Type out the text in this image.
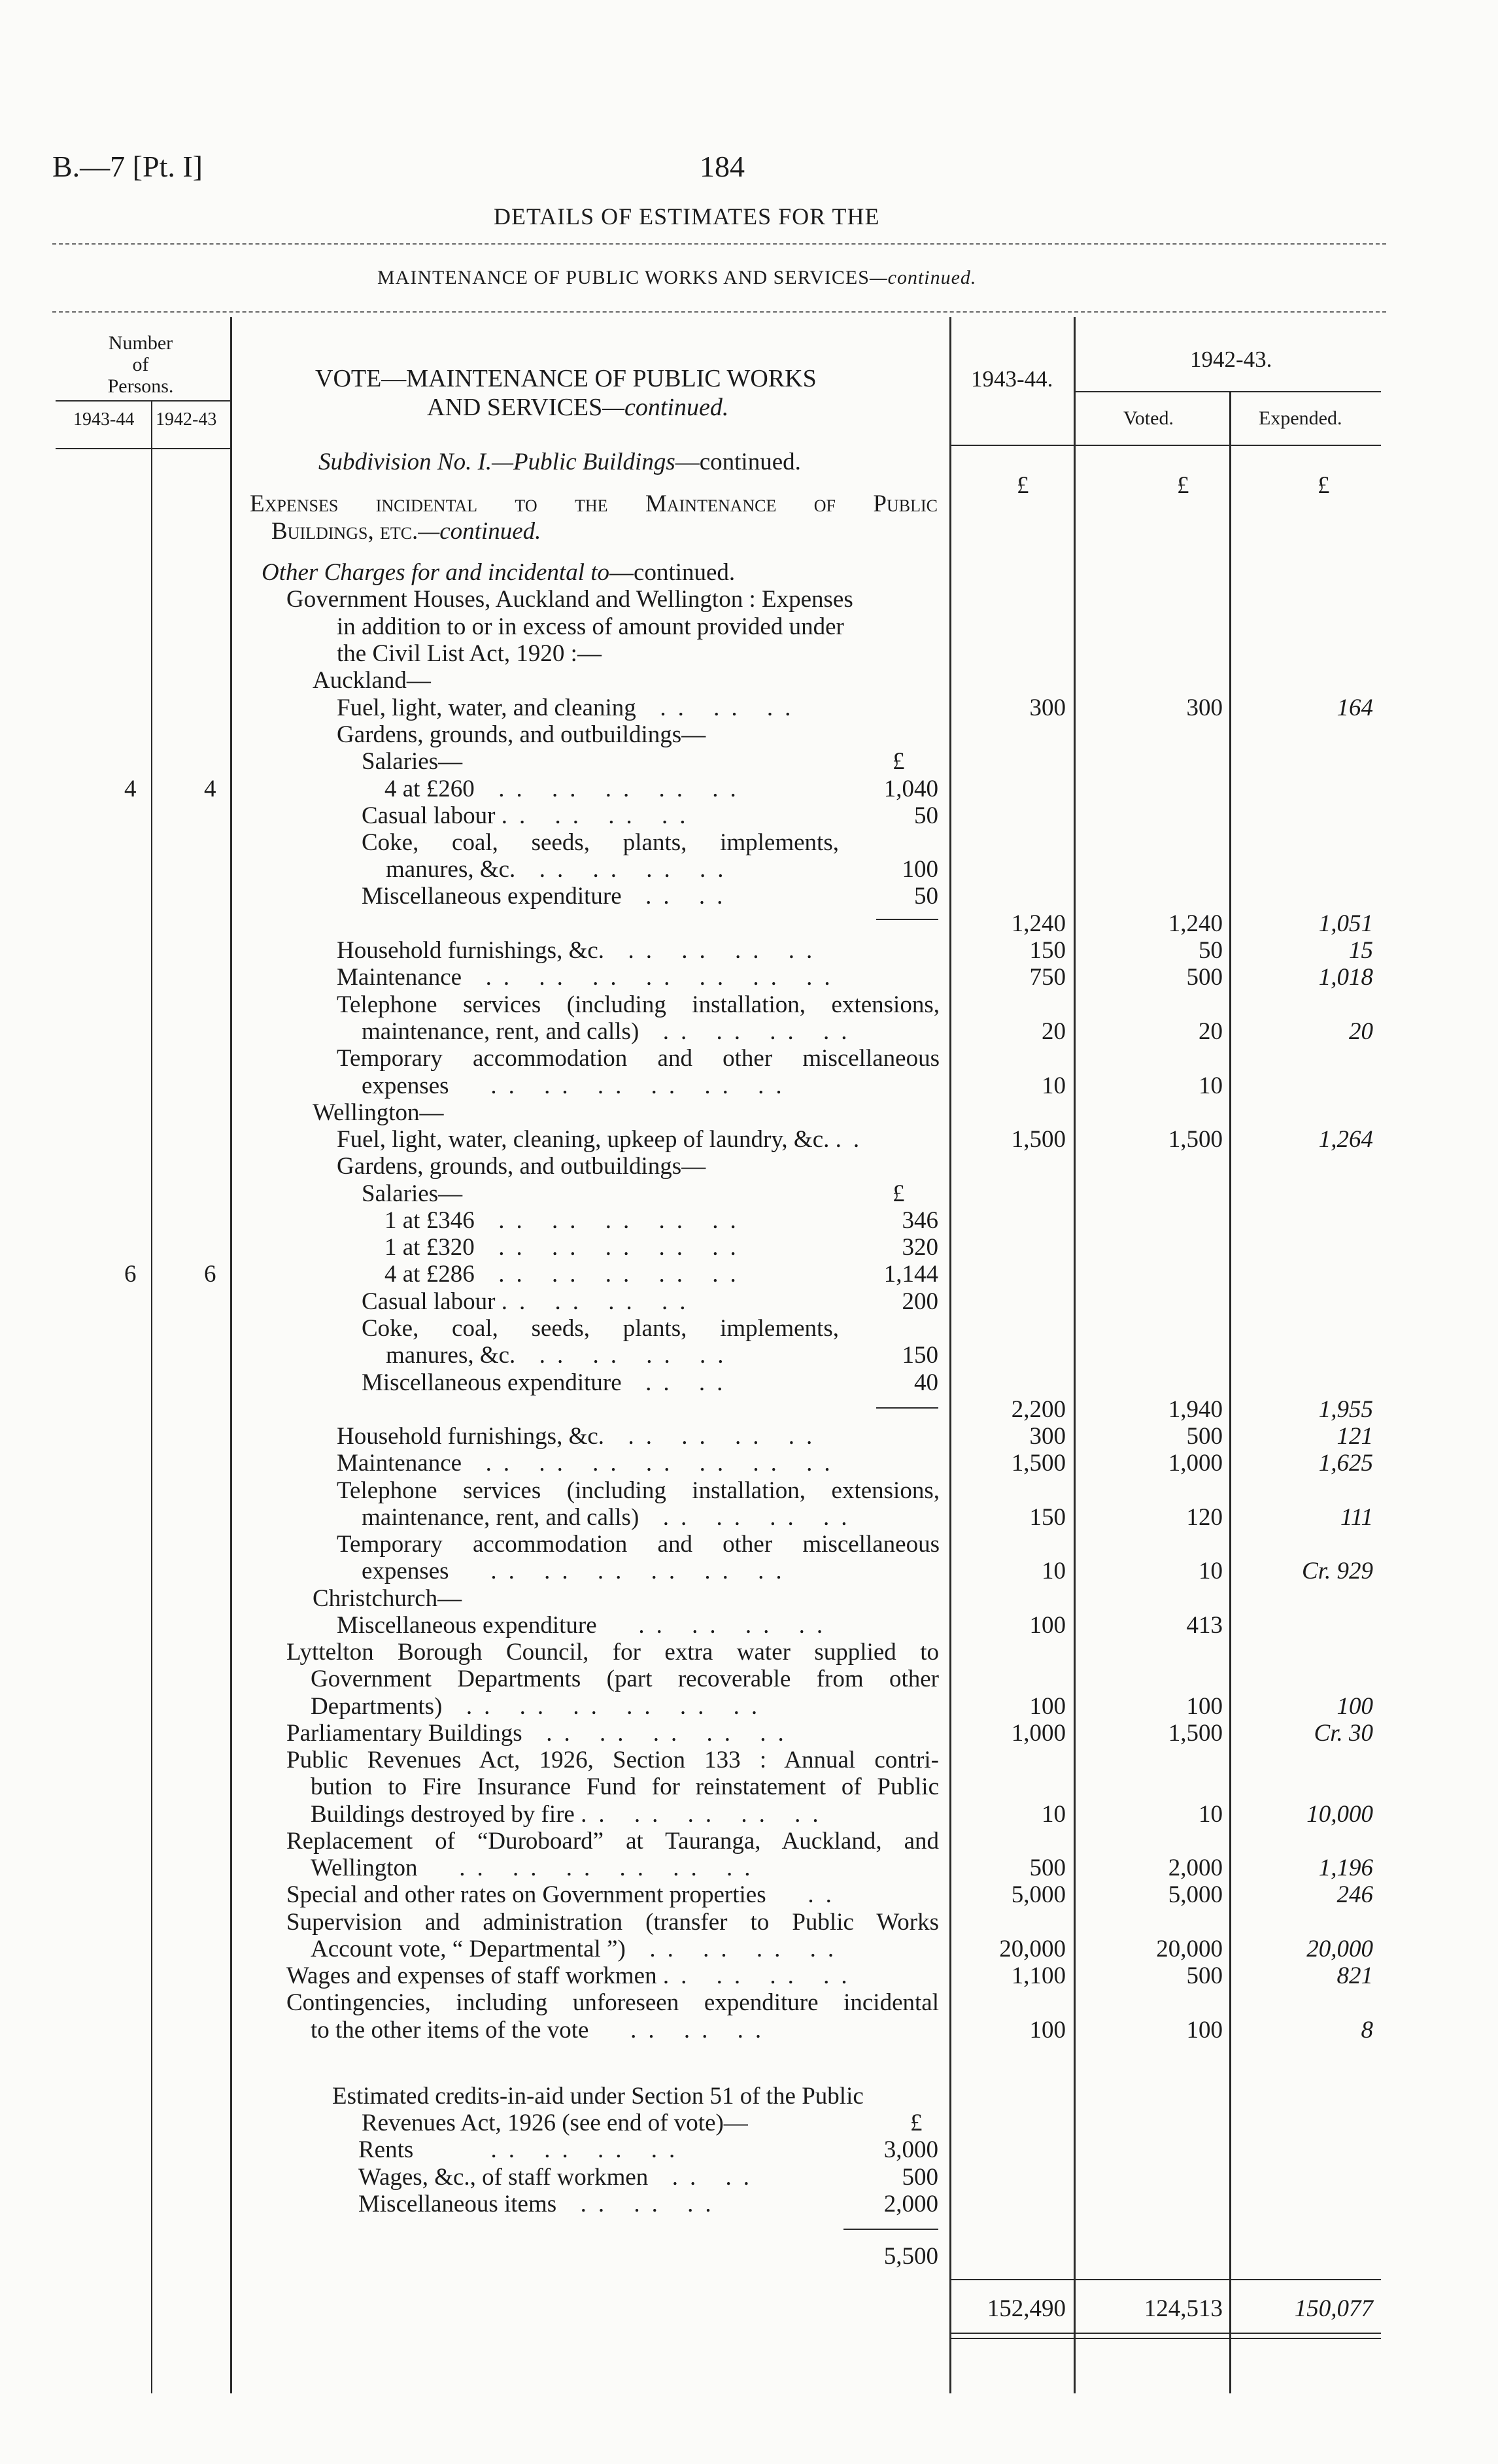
B.—7 [Pt. I]	184
DETAILS OF ESTIMATES FOR THE
MAINTENANCE OF PUBLIC WORKS AND SERVICES—continued.
Number of Persons.
1943-44 1942-43
VOTE—MAINTENANCE OF PUBLIC WORKS
AND SERVICES—continued.
1943-44.
1942-43.
Voted.	Expended.
£	£	£
Subdivision No. I.—Public Buildings—continued.
Expenses incidental to the Maintenance of Public
Buildings, etc.—continued.
Other Charges for and incidental to—continued.
Government Houses, Auckland and Wellington : Expenses
in addition to or in excess of amount provided under
the Civil List Act, 1920 :—
Auckland—
Fuel, light, water, and cleaning  .. .. ..	300	300	164
Gardens, grounds, and outbuildings—
Salaries—	£
4	4	4 at £260  .. .. .. .. ..	1,040
Casual labour .. .. .. ..	50
Coke, coal, seeds, plants, implements,
manures, &c.  .. .. .. ..	100
Miscellaneous expenditure  .. ..	50
1,240	1,240	1,051
Household furnishings, &c.  .. .. .. ..	150	50	15
Maintenance  .. .. .. .. .. .. ..	750	500	1,018
Telephone services (including installation, extensions,
maintenance, rent, and calls)  .. .. .. ..	20	20	20
Temporary accommodation and other miscellaneous
expenses   .. .. .. .. .. ..	10	10
Wellington—
Fuel, light, water, cleaning, upkeep of laundry, &c. ..	1,500	1,500	1,264
Gardens, grounds, and outbuildings—
Salaries—	£
1 at £346  .. .. .. .. ..	346
1 at £320  .. .. .. .. ..	320
6	6	4 at £286  .. .. .. .. ..	1,144
Casual labour .. .. .. ..	200
Coke, coal, seeds, plants, implements,
manures, &c.  .. .. .. ..	150
Miscellaneous expenditure  .. ..	40
2,200	1,940	1,955
Household furnishings, &c.  .. .. .. ..	300	500	121
Maintenance  .. .. .. .. .. .. ..	1,500	1,000	1,625
Telephone services (including installation, extensions,
maintenance, rent, and calls)  .. .. .. ..	150	120	111
Temporary accommodation and other miscellaneous
expenses   .. .. .. .. .. ..	10	10	Cr. 929
Christchurch—
Miscellaneous expenditure   .. .. .. ..	100	413
Lyttelton Borough Council, for extra water supplied to
Government Departments (part recoverable from other
Departments)  .. .. .. .. .. ..	100	100	100
Parliamentary Buildings  .. .. .. .. ..	1,000	1,500	Cr. 30
Public Revenues Act, 1926, Section 133 : Annual contri-
bution to Fire Insurance Fund for reinstatement of Public
Buildings destroyed by fire .. .. .. .. ..	10	10	10,000
Replacement of “Duroboard” at Tauranga, Auckland, and
Wellington   .. .. .. .. .. ..	500	2,000	1,196
Special and other rates on Government properties   ..	5,000	5,000	246
Supervision and administration (transfer to Public Works
Account vote, “ Departmental ”)  .. .. .. ..	20,000	20,000	20,000
Wages and expenses of staff workmen .. .. .. ..	1,100	500	821
Contingencies, including unforeseen expenditure incidental
to the other items of the vote   .. .. ..	100	100	8
Estimated credits-in-aid under Section 51 of the Public
Revenues Act, 1926 (see end of vote)—	£
Rents     .. .. .. ..	3,000
Wages, &c., of staff workmen  .. ..	500
Miscellaneous items  .. .. ..	2,000
5,500
152,490	124,513	150,077
